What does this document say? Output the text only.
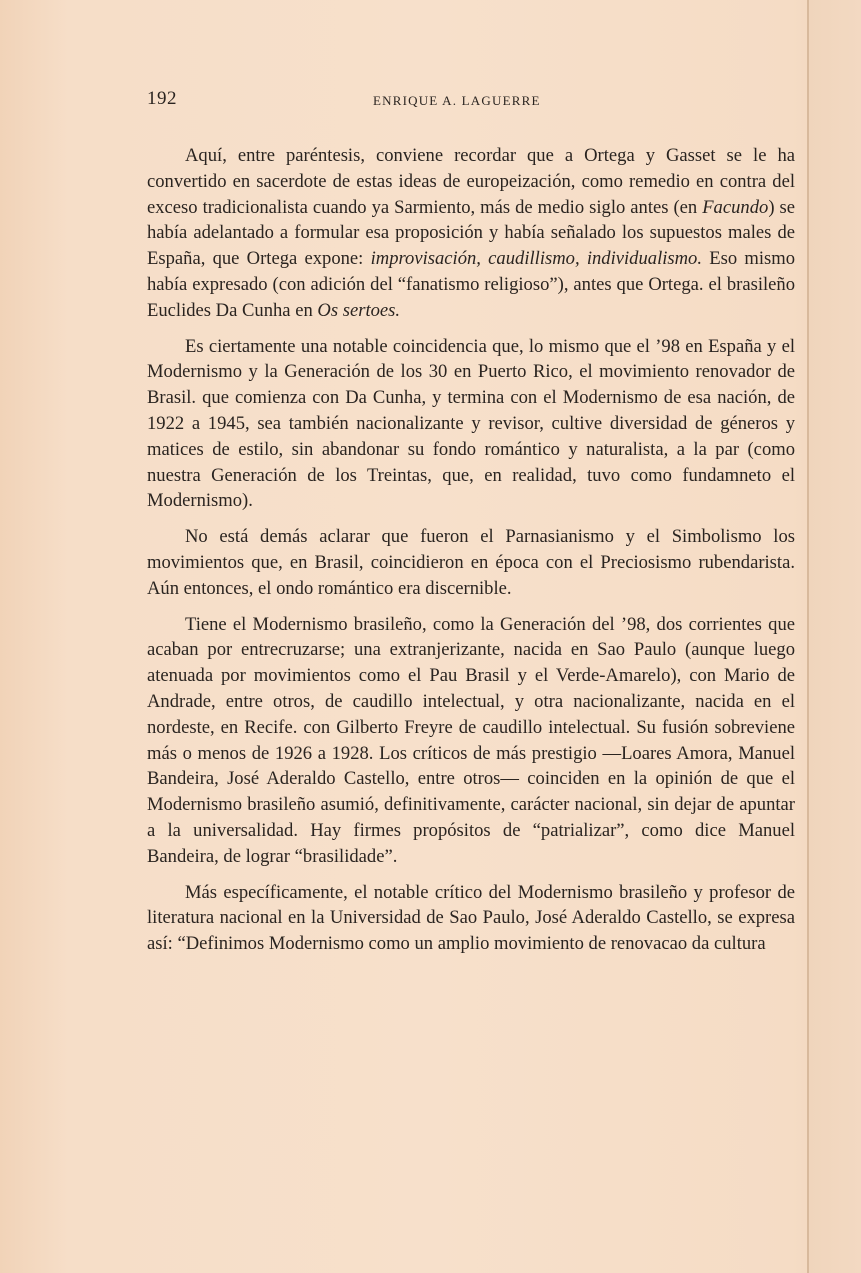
192	ENRIQUE A. LAGUERRE

Aquí, entre paréntesis, conviene recordar que a Ortega y Gasset se le ha convertido en sacerdote de estas ideas de europeización, como remedio en contra del exceso tradicionalista cuando ya Sarmiento, más de medio siglo antes (en Facundo) se había adelantado a formular esa proposición y había señalado los supuestos males de España, que Ortega expone: improvisación, caudillismo, individualismo. Eso mismo había expresado (con adición del “fanatismo religioso”), antes que Ortega. el brasileño Euclides Da Cunha en Os sertoes.

Es ciertamente una notable coincidencia que, lo mismo que el ’98 en España y el Modernismo y la Generación de los 30 en Puerto Rico, el movimiento renovador de Brasil. que comienza con Da Cunha, y termina con el Modernismo de esa nación, de 1922 a 1945, sea también nacionalizante y revisor, cultive diversidad de géneros y matices de estilo, sin abandonar su fondo romántico y naturalista, a la par (como nuestra Generación de los Treintas, que, en realidad, tuvo como fundamneto el Modernismo).

No está demás aclarar que fueron el Parnasianismo y el Simbolismo los movimientos que, en Brasil, coincidieron en época con el Preciosismo rubendarista. Aún entonces, el ondo romántico era discernible.

Tiene el Modernismo brasileño, como la Generación del ’98, dos corrientes que acaban por entrecruzarse; una extranjerizante, nacida en Sao Paulo (aunque luego atenuada por movimientos como el Pau Brasil y el Verde-Amarelo), con Mario de Andrade, entre otros, de caudillo intelectual, y otra nacionalizante, nacida en el nordeste, en Recife. con Gilberto Freyre de caudillo intelectual. Su fusión sobreviene más o menos de 1926 a 1928. Los críticos de más prestigio —Loares Amora, Manuel Bandeira, José Aderaldo Castello, entre otros— coinciden en la opinión de que el Modernismo brasileño asumió, definitivamente, carácter nacional, sin dejar de apuntar a la universalidad. Hay firmes propósitos de “patrializar”, como dice Manuel Bandeira, de lograr “brasilidade”.

Más específicamente, el notable crítico del Modernismo brasileño y profesor de literatura nacional en la Universidad de Sao Paulo, José Aderaldo Castello, se expresa así: “Definimos Modernismo como un amplio movimiento de renovacao da cultura
